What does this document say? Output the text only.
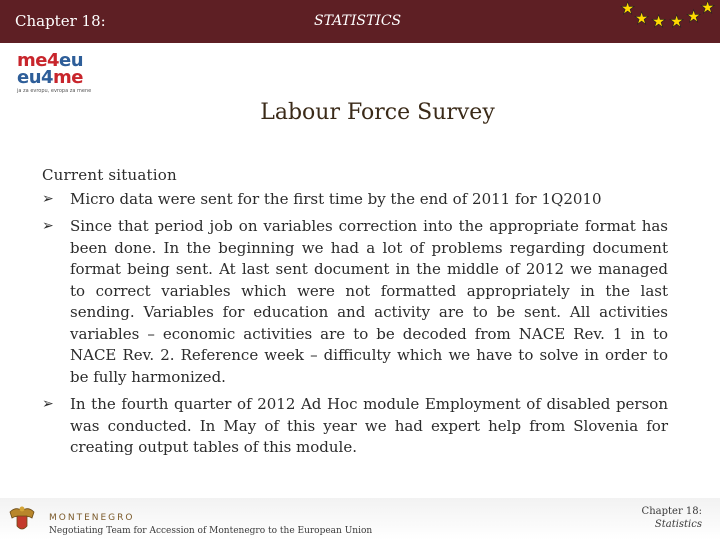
Chapter 18:	STATISTICS
★
★ ★ ★ ★
★
me4eu
eu4me
ja za evropu, evropa za mene
Labour Force Survey
Current situation
➢ Micro data were sent for the first time by the end of 2011 for 1Q2010
➢ Since that period job on variables correction into the appropriate format has been done. In the beginning we had a lot of problems regarding document format being sent. At last sent document in the middle of 2012 we managed to correct variables which were not formatted appropriately in the last sending. Variables for education and activity are to be sent. All activities variables – economic activities are to be decoded from NACE Rev. 1 in to NACE Rev. 2. Reference week – difficulty which we have to solve in order to be fully harmonized.
➢ In the fourth quarter of 2012 Ad Hoc module Employment of disabled person was conducted. In May of this year we had expert help from Slovenia for creating output tables of this module.
MONTENEGRO
Negotiating Team for Accession of Montenegro to the European Union
Chapter 18:
Statistics
